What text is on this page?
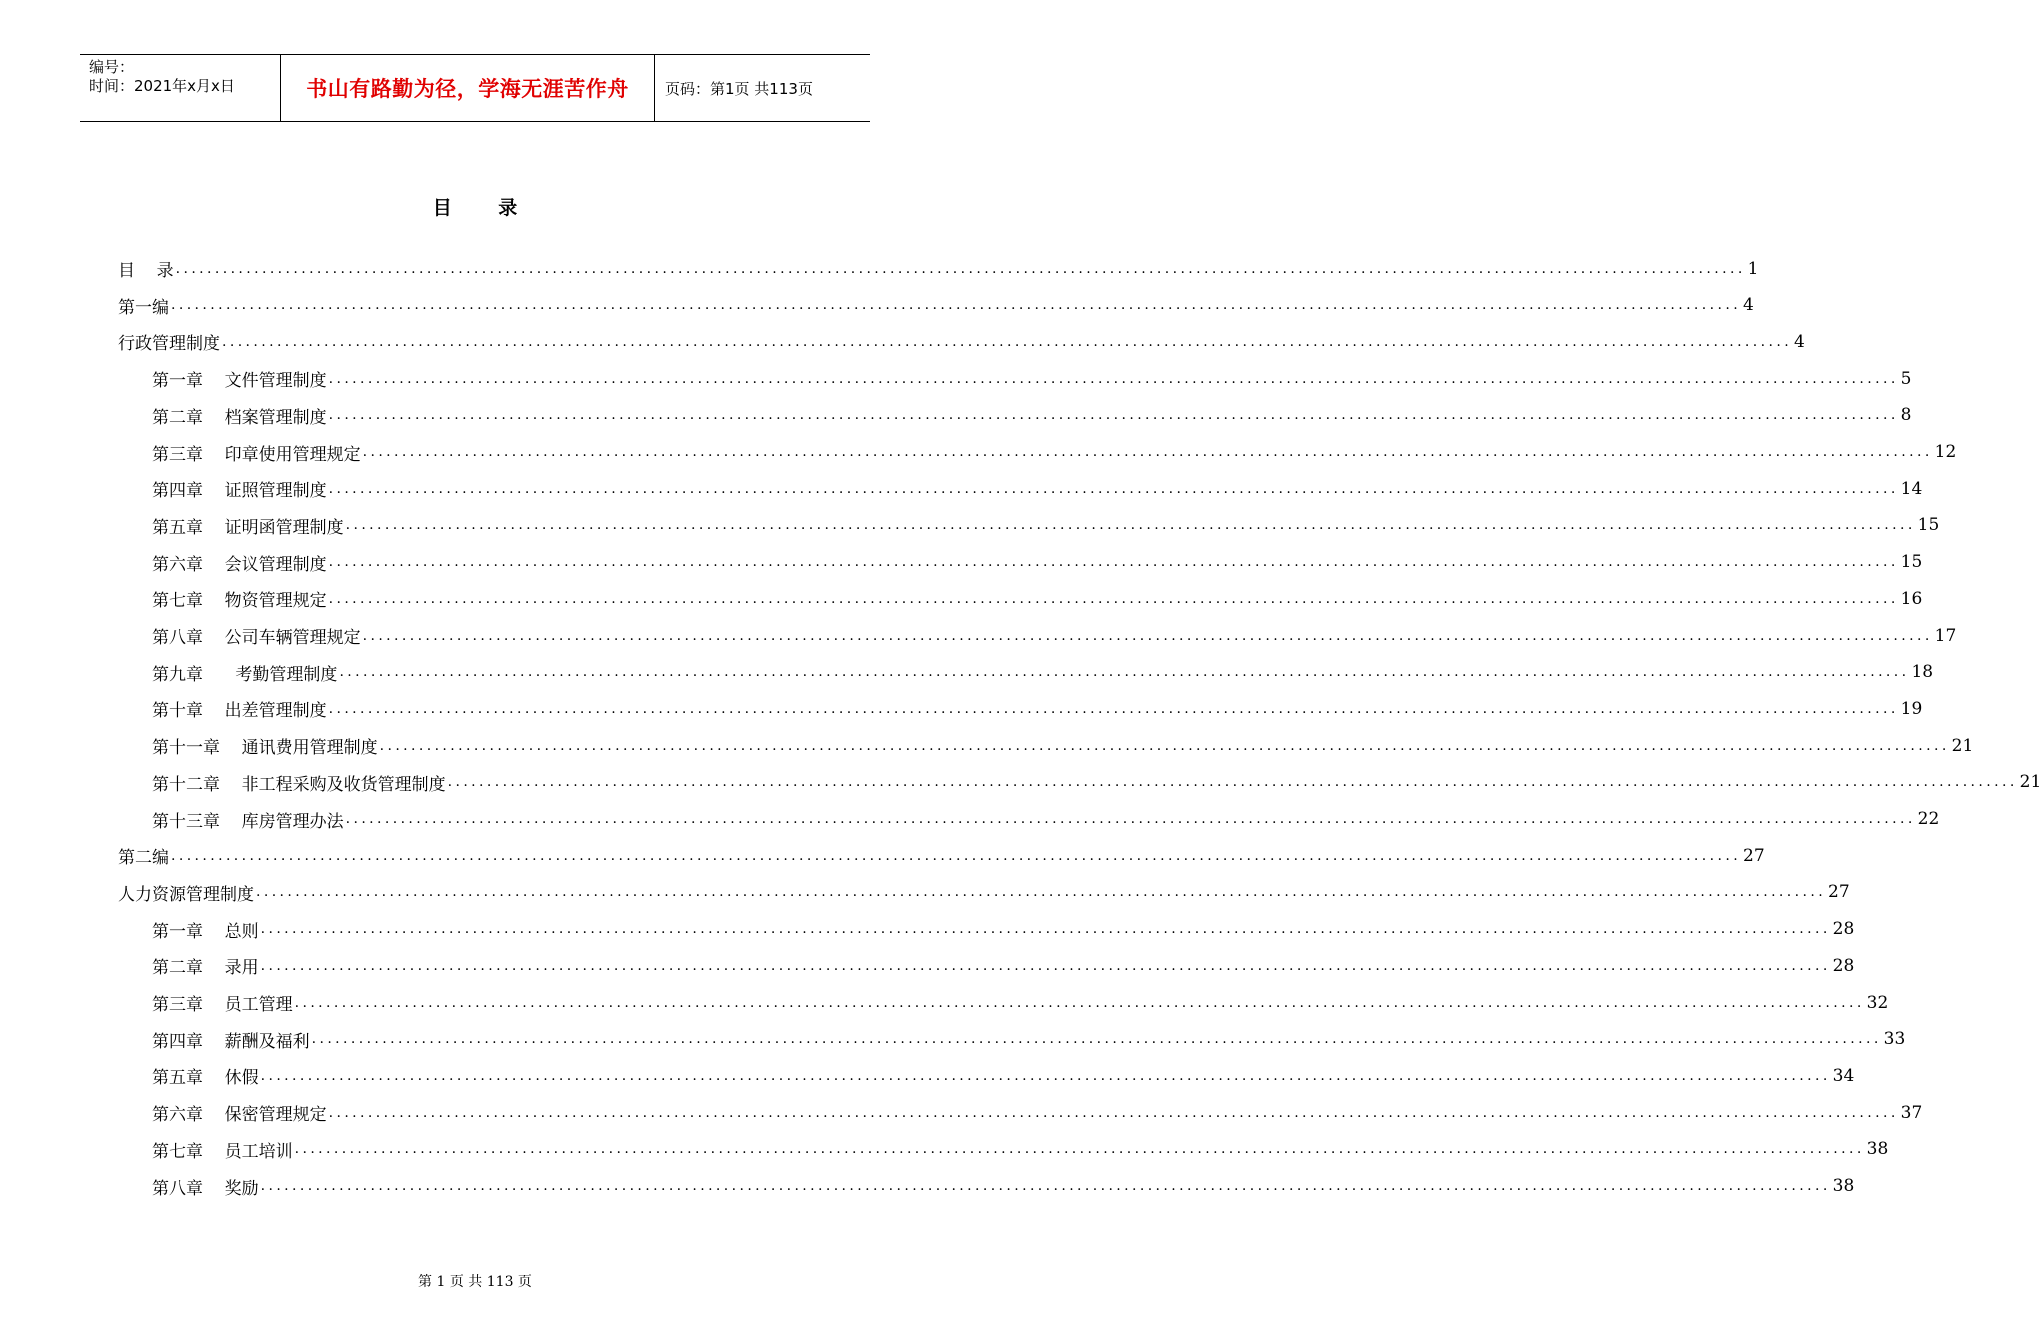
编号：
时间：2021年x月x日	书山有路勤为径，学海无涯苦作舟	页码：第1页 共113页
目 录
目    录 ........................................................................................................................................................................................................ 1
第一编 ........................................................................................................................................................................................................ 4
行政管理制度 ........................................................................................................................................................................................................ 4
第一章    文件管理制度 ........................................................................................................................................................................................................ 5
第二章    档案管理制度 ........................................................................................................................................................................................................ 8
第三章    印章使用管理规定 ........................................................................................................................................................................................................ 12
第四章    证照管理制度 ........................................................................................................................................................................................................ 14
第五章    证明函管理制度 ........................................................................................................................................................................................................ 15
第六章    会议管理制度 ........................................................................................................................................................................................................ 15
第七章    物资管理规定 ........................................................................................................................................................................................................ 16
第八章    公司车辆管理规定 ........................................................................................................................................................................................................ 17
第九章      考勤管理制度 ........................................................................................................................................................................................................ 18
第十章    出差管理制度 ........................................................................................................................................................................................................ 19
第十一章    通讯费用管理制度 ........................................................................................................................................................................................................ 21
第十二章    非工程采购及收货管理制度 ........................................................................................................................................................................................................ 21
第十三章    库房管理办法 ........................................................................................................................................................................................................ 22
第二编 ........................................................................................................................................................................................................ 27
人力资源管理制度 ........................................................................................................................................................................................................ 27
第一章    总则 ........................................................................................................................................................................................................ 28
第二章    录用 ........................................................................................................................................................................................................ 28
第三章    员工管理 ........................................................................................................................................................................................................ 32
第四章    薪酬及福利 ........................................................................................................................................................................................................ 33
第五章    休假 ........................................................................................................................................................................................................ 34
第六章    保密管理规定 ........................................................................................................................................................................................................ 37
第七章    员工培训 ........................................................................................................................................................................................................ 38
第八章    奖励 ........................................................................................................................................................................................................ 38
第 1 页 共 113 页
